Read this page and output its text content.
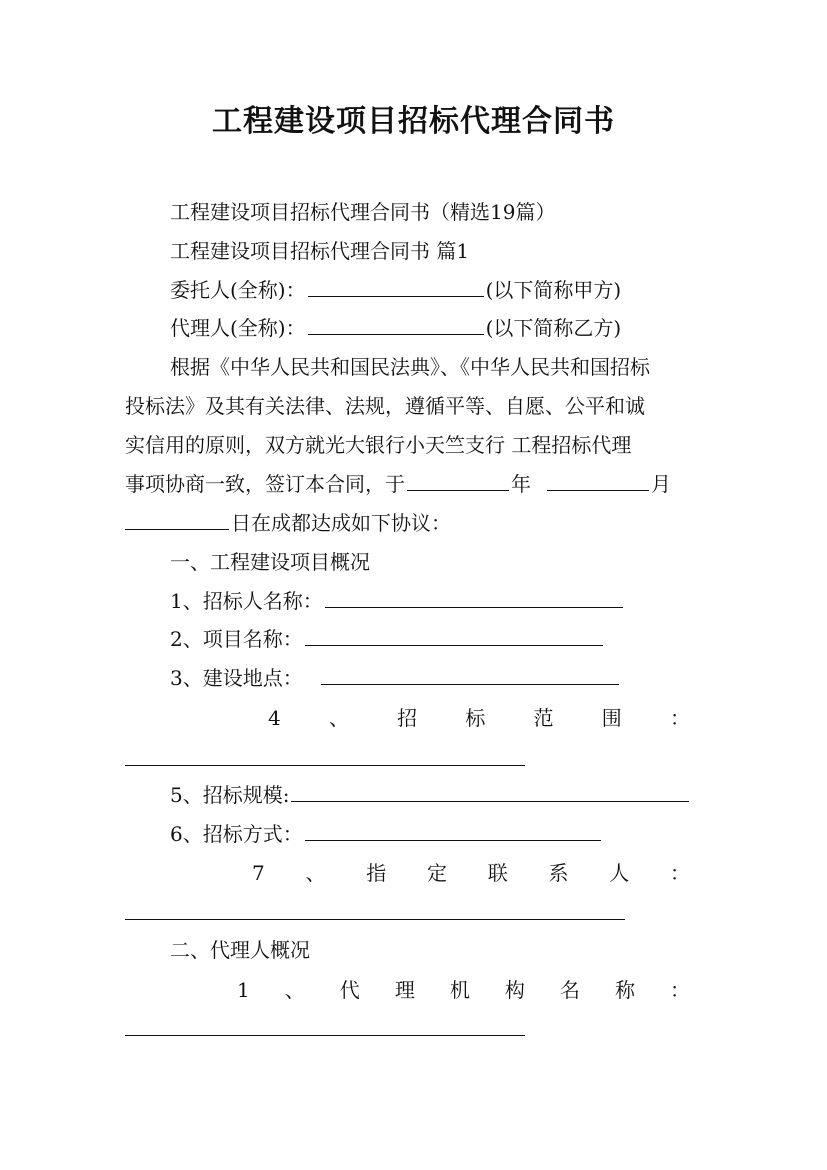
工程建设项目招标代理合同书
工程建设项目招标代理合同书（精选19篇）
工程建设项目招标代理合同书 篇1
委托人(全称)：	(以下简称甲方)
代理人(全称)：	(以下简称乙方)
根据《中华人民共和国民法典》、《中华人民共和国招标
投标法》及其有关法律、法规，遵循平等、自愿、公平和诚
实信用的原则，双方就光大银行小天竺支行 工程招标代理
事项协商一致，签订本合同，于	年	月
日在成都达成如下协议：
一、工程建设项目概况
1、招标人名称：
2、项目名称：
3、建设地点：
4 、 招 标 范 围 ：
5、招标规模:
6、招标方式：
7 、 指 定 联 系 人 ：
二、代理人概况
1 、 代 理 机 构 名 称 ：
